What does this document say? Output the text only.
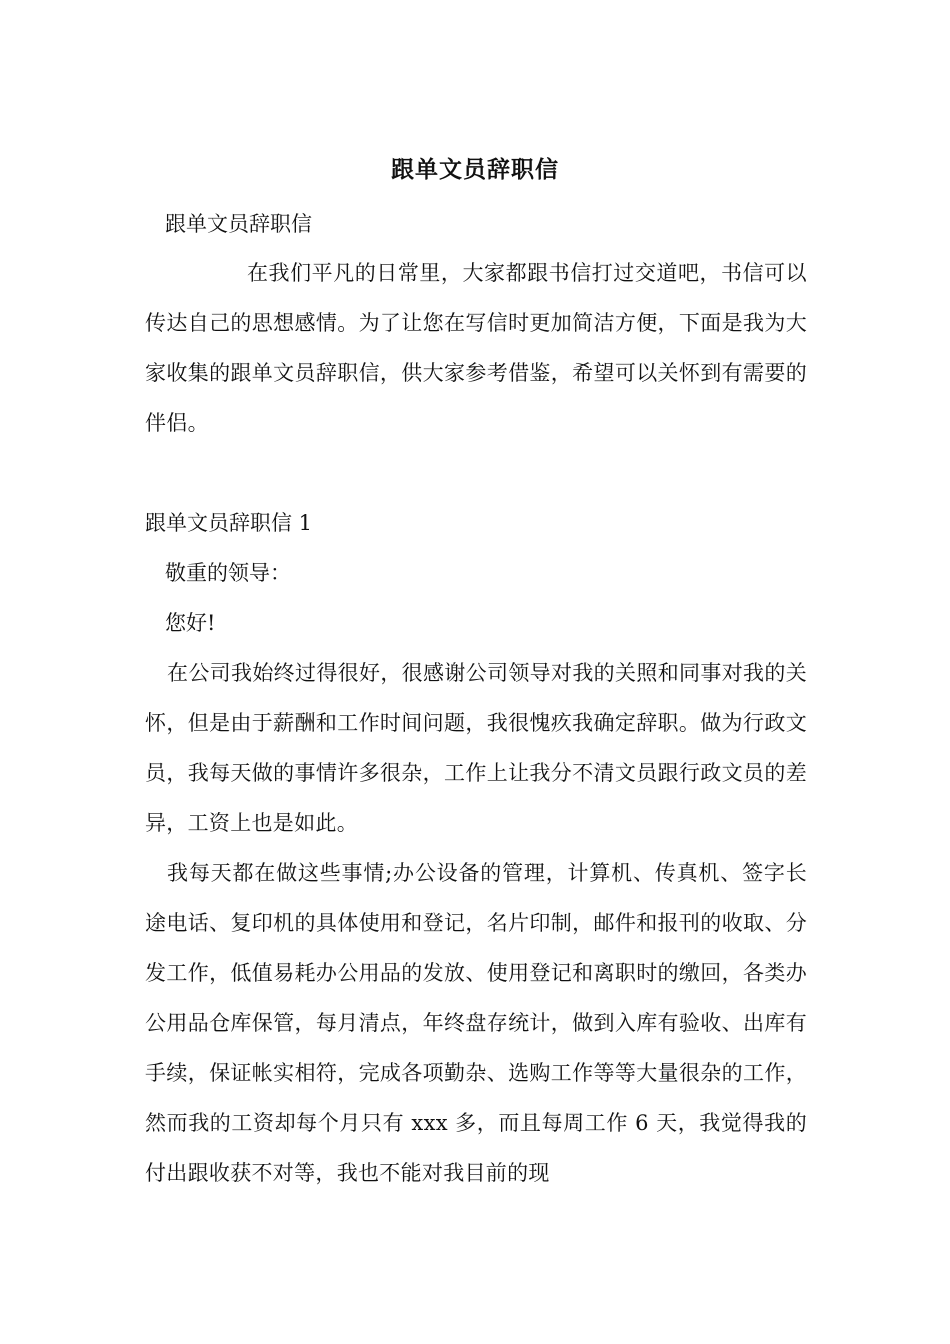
跟单文员辞职信
跟单文员辞职信
在我们平凡的日常里，大家都跟书信打过交道吧，书信可以传达自己的思想感情。为了让您在写信时更加简洁方便，下面是我为大家收集的跟单文员辞职信，供大家参考借鉴，希望可以关怀到有需要的伴侣。
跟单文员辞职信 1
敬重的领导：
您好!
在公司我始终过得很好，很感谢公司领导对我的关照和同事对我的关怀，但是由于薪酬和工作时间问题，我很愧疚我确定辞职。做为行政文员，我每天做的事情许多很杂，工作上让我分不清文员跟行政文员的差异，工资上也是如此。
我每天都在做这些事情;办公设备的管理，计算机、传真机、签字长途电话、复印机的具体使用和登记，名片印制，邮件和报刊的收取、分发工作，低值易耗办公用品的发放、使用登记和离职时的缴回，各类办公用品仓库保管，每月清点，年终盘存统计，做到入库有验收、出库有手续，保证帐实相符，完成各项勤杂、选购工作等等大量很杂的工作，然而我的工资却每个月只有 xxx 多，而且每周工作 6 天，我觉得我的付出跟收获不对等，我也不能对我目前的现
